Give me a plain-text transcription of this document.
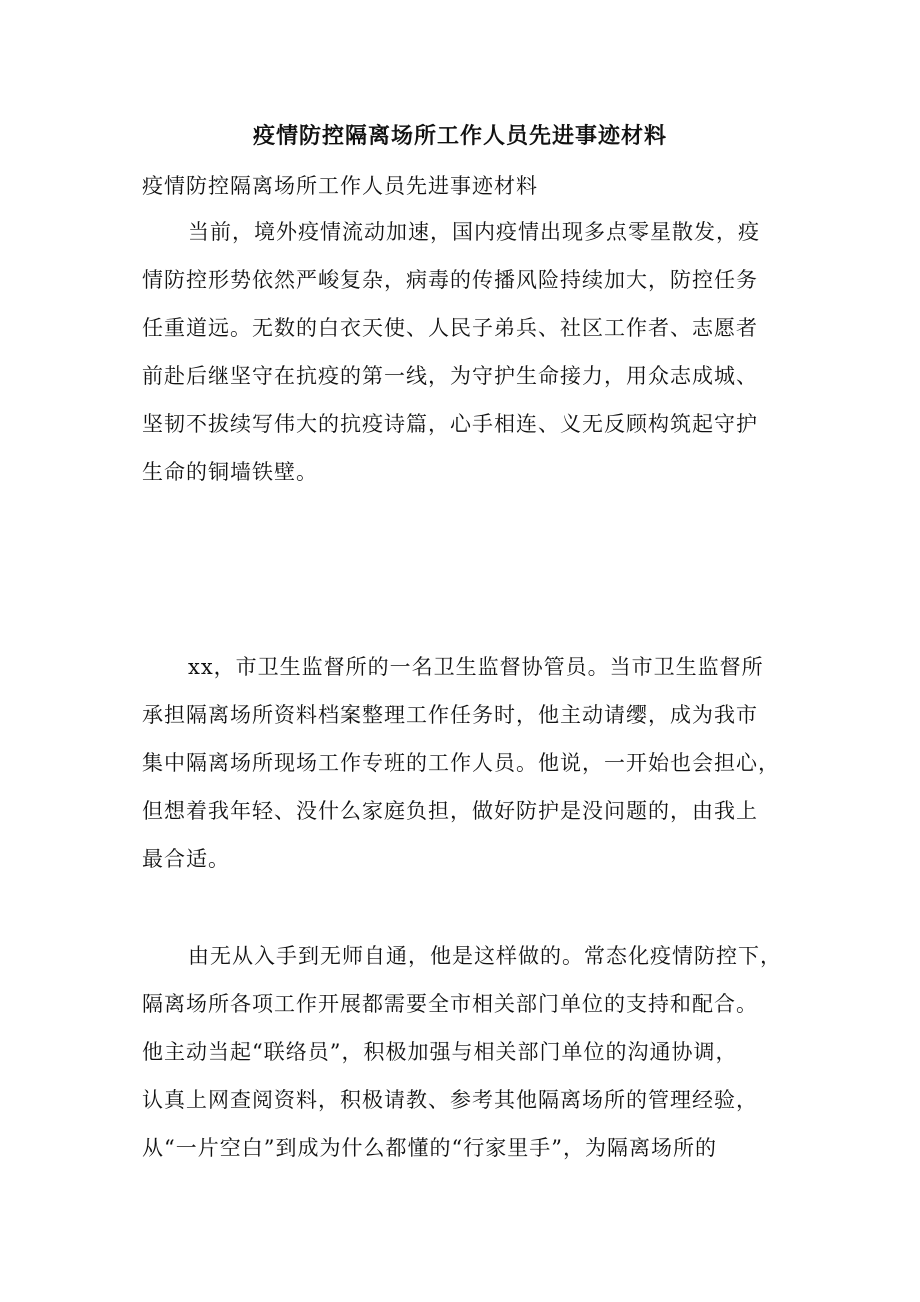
疫情防控隔离场所工作人员先进事迹材料
疫情防控隔离场所工作人员先进事迹材料
当前，境外疫情流动加速，国内疫情出现多点零星散发，疫
情防控形势依然严峻复杂，病毒的传播风险持续加大，防控任务
任重道远。无数的白衣天使、人民子弟兵、社区工作者、志愿者
前赴后继坚守在抗疫的第一线，为守护生命接力，用众志成城、
坚韧不拔续写伟大的抗疫诗篇，心手相连、义无反顾构筑起守护
生命的铜墙铁壁。
xx，市卫生监督所的一名卫生监督协管员。当市卫生监督所
承担隔离场所资料档案整理工作任务时，他主动请缨，成为我市
集中隔离场所现场工作专班的工作人员。他说，一开始也会担心，
但想着我年轻、没什么家庭负担，做好防护是没问题的，由我上
最合适。
由无从入手到无师自通，他是这样做的。常态化疫情防控下，
隔离场所各项工作开展都需要全市相关部门单位的支持和配合。
他主动当起“联络员”，积极加强与相关部门单位的沟通协调，
认真上网查阅资料，积极请教、参考其他隔离场所的管理经验，
从“一片空白”到成为什么都懂的“行家里手”，为隔离场所的
